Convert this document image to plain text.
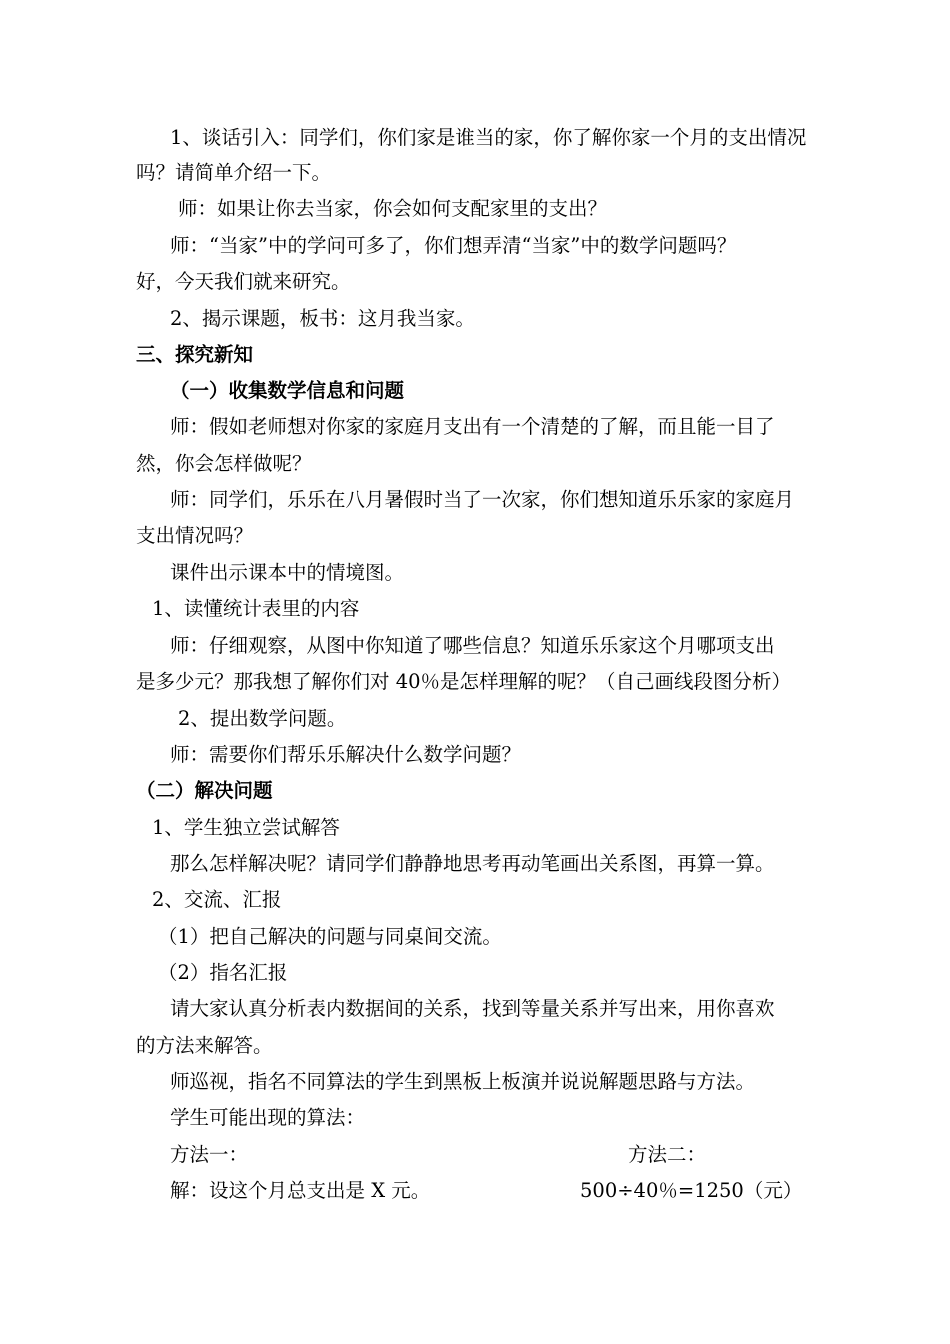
1、谈话引入：同学们，你们家是谁当的家，你了解你家一个月的支出情况
吗？请简单介绍一下。
师：如果让你去当家，你会如何支配家里的支出？
师：“当家”中的学问可多了，你们想弄清“当家”中的数学问题吗？
好，今天我们就来研究。
2、揭示课题，板书：这月我当家。
三、探究新知
（一）收集数学信息和问题
师：假如老师想对你家的家庭月支出有一个清楚的了解，而且能一目了
然，你会怎样做呢？
师：同学们，乐乐在八月暑假时当了一次家，你们想知道乐乐家的家庭月
支出情况吗？
课件出示课本中的情境图。
1、读懂统计表里的内容
师：仔细观察，从图中你知道了哪些信息？知道乐乐家这个月哪项支出
是多少元？那我想了解你们对 40％是怎样理解的呢？（自己画线段图分析）
2、提出数学问题。
师：需要你们帮乐乐解决什么数学问题？
（二）解决问题
1、学生独立尝试解答
那么怎样解决呢？请同学们静静地思考再动笔画出关系图，再算一算。
2、交流、汇报
（1）把自己解决的问题与同桌间交流。
（2）指名汇报
请大家认真分析表内数据间的关系，找到等量关系并写出来，用你喜欢
的方法来解答。
师巡视，指名不同算法的学生到黑板上板演并说说解题思路与方法。
学生可能出现的算法：
方法一：	方法二：
解：设这个月总支出是 X 元。	500÷40％=1250（元）
